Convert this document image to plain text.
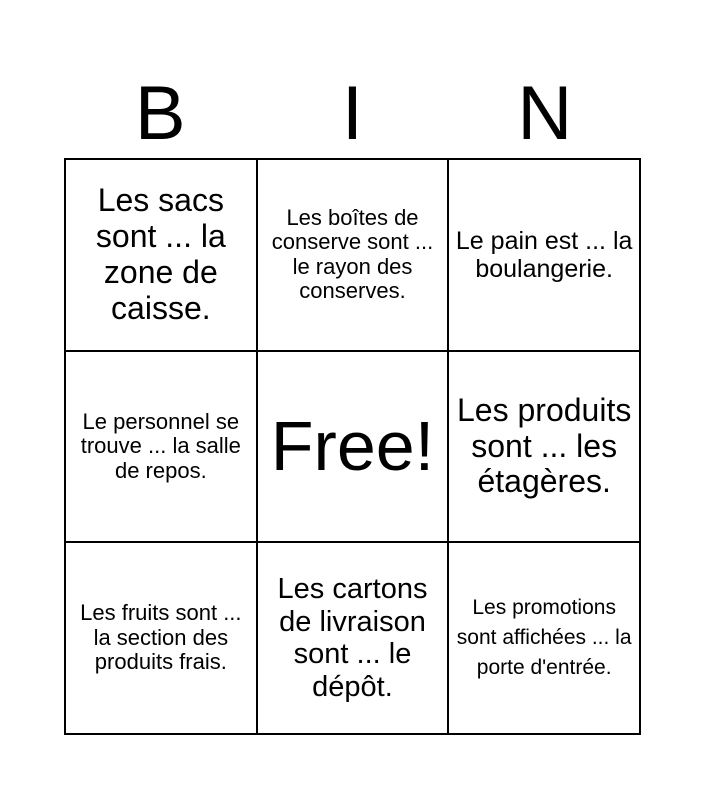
B	I	N
Les sacs sont ... la zone de caisse.
Les boîtes de conserve sont ... le rayon des conserves.
Le pain est ... la boulangerie.
Le personnel se trouve ... la salle de repos. Free! Les produits sont ... les étagères.
Les fruits sont ... la section des produits frais.
Les cartons de livraison sont ... le dépôt.
Les promotions sont affichées ... la porte d'entrée.
